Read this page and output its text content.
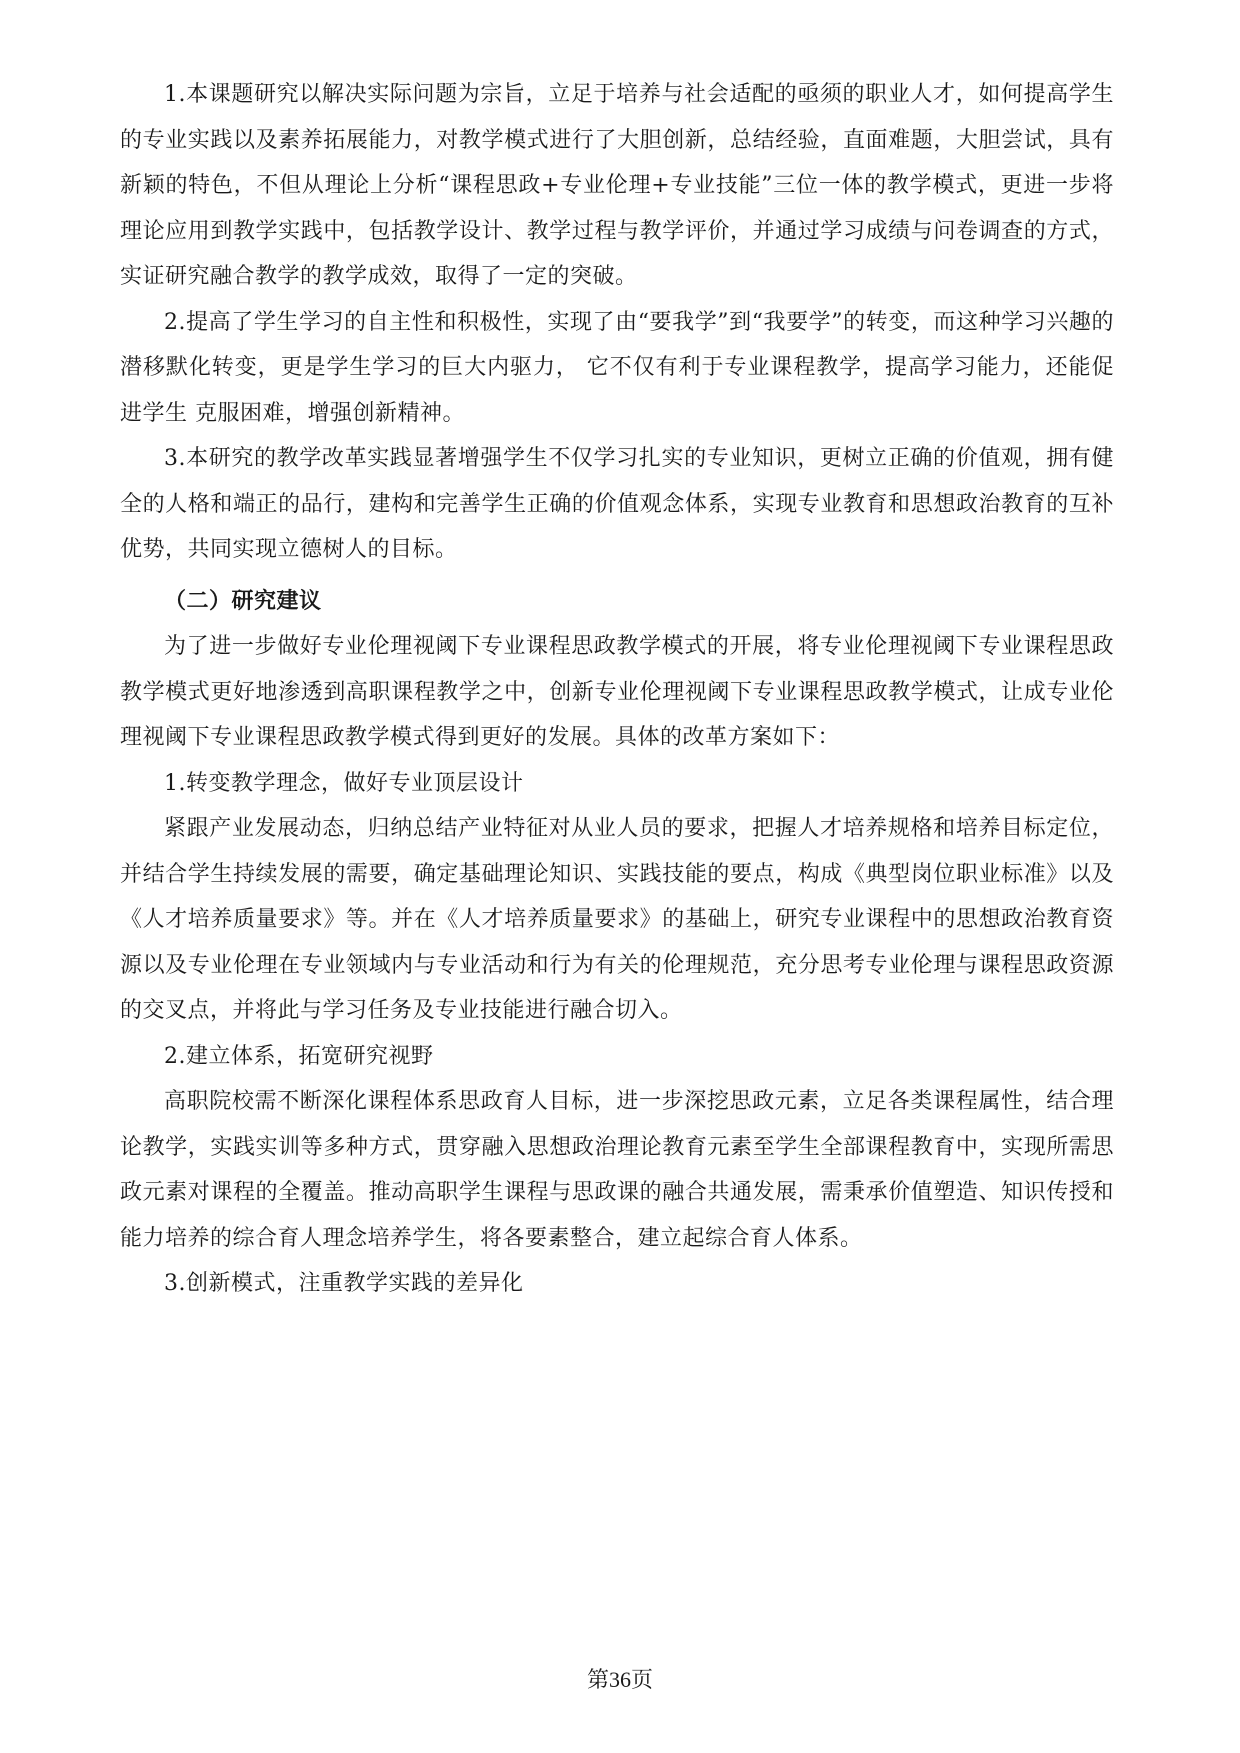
1.本课题研究以解决实际问题为宗旨，立足于培养与社会适配的亟须的职业人才，如何提高学生的专业实践以及素养拓展能力，对教学模式进行了大胆创新，总结经验，直面难题，大胆尝试，具有新颖的特色，不但从理论上分析“课程思政+专业伦理+专业技能”三位一体的教学模式，更进一步将理论应用到教学实践中，包括教学设计、教学过程与教学评价，并通过学习成绩与问卷调查的方式，实证研究融合教学的教学成效，取得了一定的突破。

2.提高了学生学习的自主性和积极性，实现了由“要我学”到“我要学”的转变，而这种学习兴趣的 潜移默化转变，更是学生学习的巨大内驱力， 它不仅有利于专业课程教学，提高学习能力，还能促进学生 克服困难，增强创新精神。

3.本研究的教学改革实践显著增强学生不仅学习扎实的专业知识，更树立正确的价值观，拥有健全的人格和端正的品行，建构和完善学生正确的价值观念体系，实现专业教育和思想政治教育的互补优势，共同实现立德树人的目标。

（二）研究建议

为了进一步做好专业伦理视阈下专业课程思政教学模式的开展，将专业伦理视阈下专业课程思政教学模式更好地渗透到高职课程教学之中，创新专业伦理视阈下专业课程思政教学模式，让成专业伦理视阈下专业课程思政教学模式得到更好的发展。具体的改革方案如下：

1.转变教学理念，做好专业顶层设计

紧跟产业发展动态，归纳总结产业特征对从业人员的要求，把握人才培养规格和培养目标定位，并结合学生持续发展的需要，确定基础理论知识、实践技能的要点，构成《典型岗位职业标准》以及《人才培养质量要求》等。并在《人才培养质量要求》的基础上，研究专业课程中的思想政治教育资源以及专业伦理在专业领域内与专业活动和行为有关的伦理规范，充分思考专业伦理与课程思政资源的交叉点，并将此与学习任务及专业技能进行融合切入。

2.建立体系，拓宽研究视野

高职院校需不断深化课程体系思政育人目标，进一步深挖思政元素，立足各类课程属性，结合理论教学，实践实训等多种方式，贯穿融入思想政治理论教育元素至学生全部课程教育中，实现所需思政元素对课程的全覆盖。推动高职学生课程与思政课的融合共通发展，需秉承价值塑造、知识传授和能力培养的综合育人理念培养学生，将各要素整合，建立起综合育人体系。

3.创新模式，注重教学实践的差异化

第36页
